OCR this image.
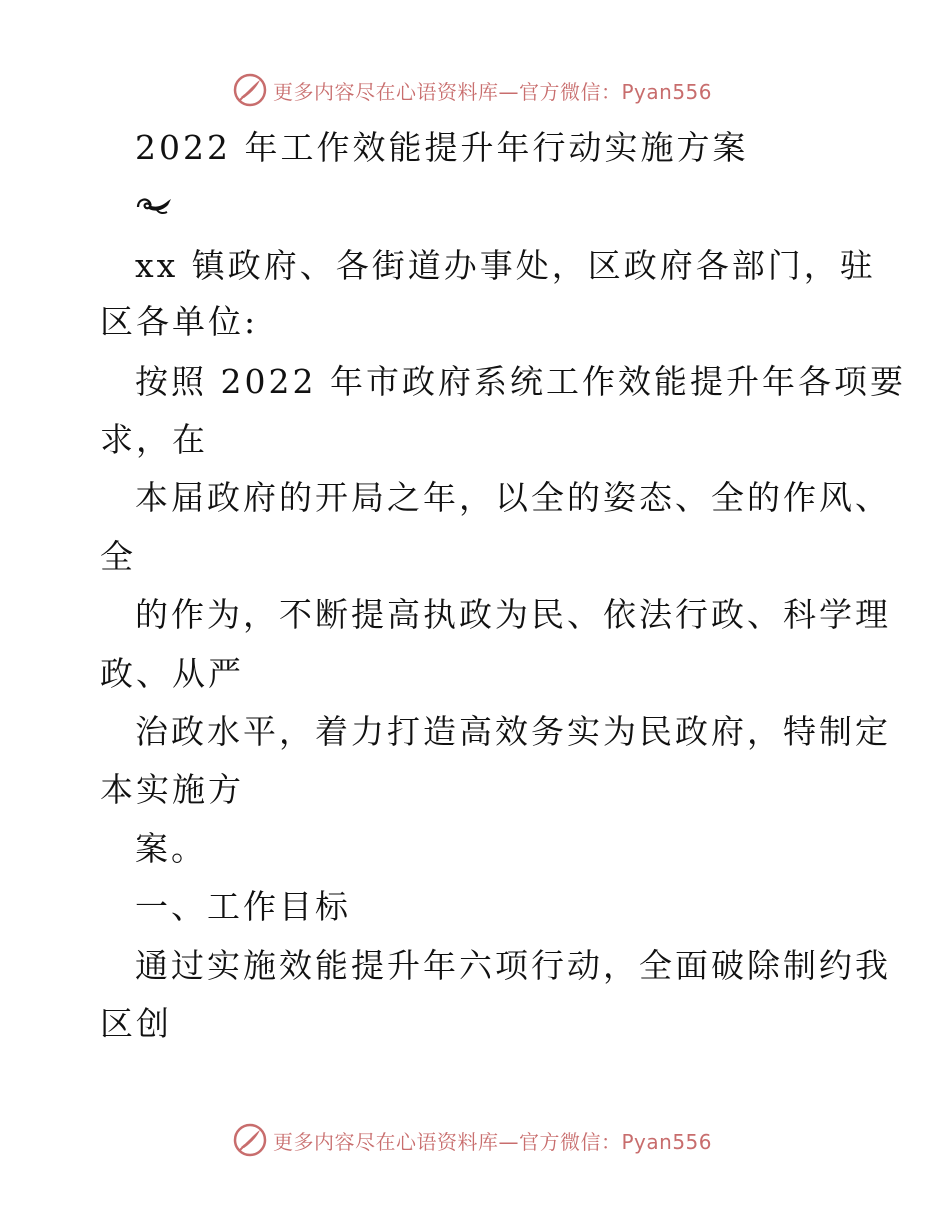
更多内容尽在心语资料库—官方微信：Pyan556
2022 年工作效能提升年行动实施方案
xx 镇政府、各街道办事处，区政府各部门，驻
区各单位:
按照 2022 年市政府系统工作效能提升年各项要
求，在
本届政府的开局之年，以全的姿态、全的作风、
全
的作为，不断提高执政为民、依法行政、科学理
政、从严
治政水平，着力打造高效务实为民政府，特制定
本实施方
案。
一、工作目标
通过实施效能提升年六项行动，全面破除制约我
区创
更多内容尽在心语资料库—官方微信：Pyan556
